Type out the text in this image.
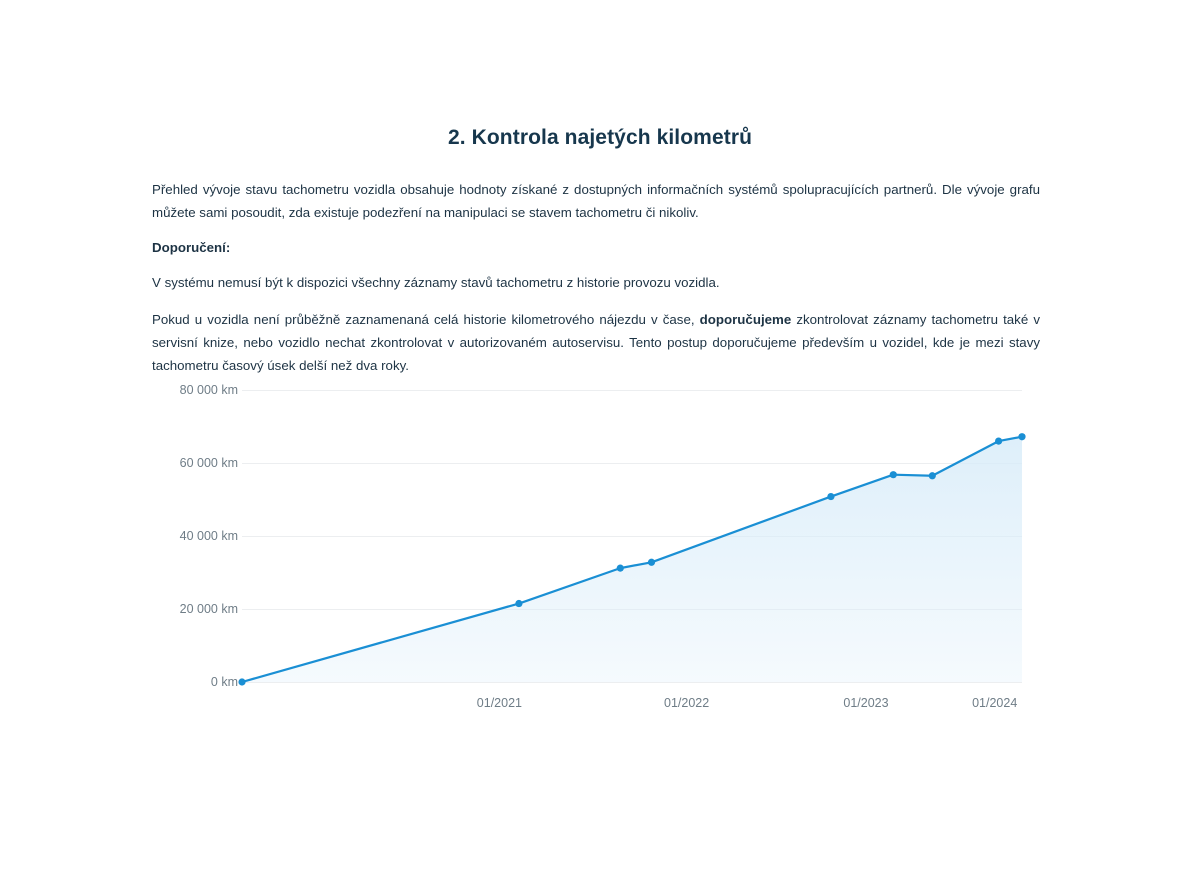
2. Kontrola najetých kilometrů

Přehled vývoje stavu tachometru vozidla obsahuje hodnoty získané z dostupných informačních systémů spolupracujících partnerů. Dle vývoje grafu můžete sami posoudit, zda existuje podezření na manipulaci se stavem tachometru či nikoliv.

Doporučení:

V systému nemusí být k dispozici všechny záznamy stavů tachometru z historie provozu vozidla.

Pokud u vozidla není průběžně zaznamenaná celá historie kilometrového nájezdu v čase, doporučujeme zkontrolovat záznamy tachometru také v servisní knize, nebo vozidlo nechat zkontrolovat v autorizovaném autoservisu. Tento postup doporučujeme především u vozidel, kde je mezi stavy tachometru časový úsek delší než dva roky.

0 km
20 000 km
40 000 km
60 000 km
80 000 km
01/2021	01/2022	01/2023	01/2024
